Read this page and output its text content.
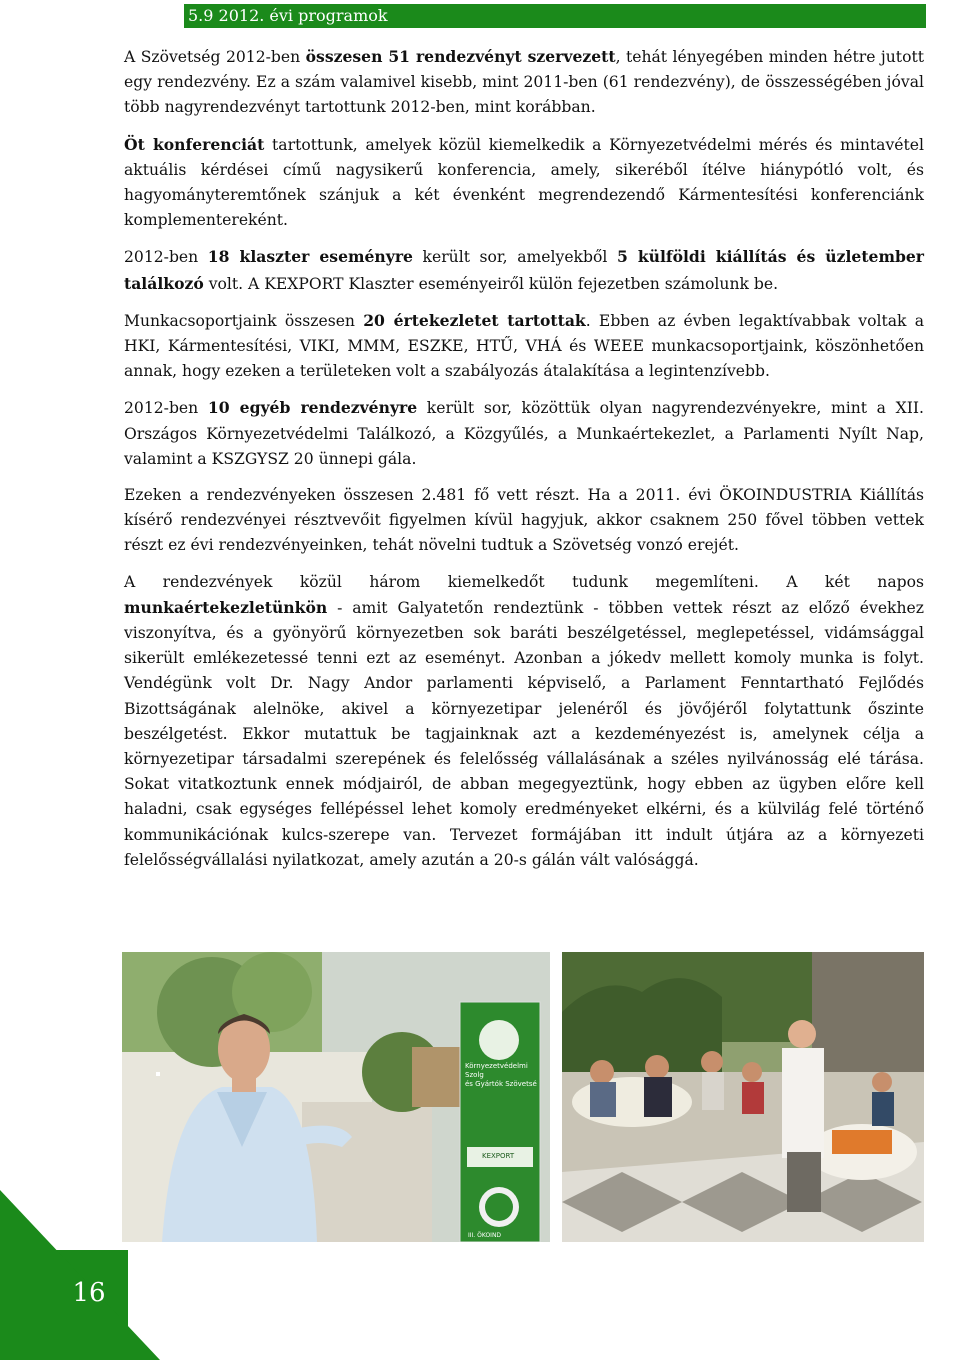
5.9 2012. évi programok

A Szövetség 2012-ben összesen 51 rendezvényt szervezett, tehát lényegében minden hétre jutott egy rendezvény. Ez a szám valamivel kisebb, mint 2011-ben (61 rendezvény), de összességében jóval több nagyrendezvényt tartottunk 2012-ben, mint korábban.

Öt konferenciát tartottunk, amelyek közül kiemelkedik a Környezetvédelmi mérés és mintavétel aktuális kérdései című nagysikerű konferencia, amely, sikeréből ítélve hiánypótló volt, és hagyományteremtőnek szánjuk a két évenként megrendezendő Kármentesítési konferenciánk komplementereként.

2012-ben 18 klaszter eseményre került sor, amelyekből 5 külföldi kiállítás és üzletember találkozó volt. A KEXPORT Klaszter eseményeiről külön fejezetben számolunk be.

Munkacsoportjaink összesen 20 értekezletet tartottak. Ebben az évben legaktívabbak voltak a HKI, Kármentesítési, VIKI, MMM, ESZKE, HTŰ, VHÁ és WEEE munkacsoportjaink, köszönhetően annak, hogy ezeken a területeken volt a szabályozás átalakítása a legintenzívebb.

2012-ben 10 egyéb rendezvényre került sor, közöttük olyan nagyrendezvényekre, mint a XII. Országos Környezetvédelmi Találkozó, a Közgyűlés, a Munkaértekezlet, a Parlamenti Nyílt Nap, valamint a KSZGYSZ 20 ünnepi gála.

Ezeken a rendezvényeken összesen 2.481 fő vett részt. Ha a 2011. évi ÖKOINDUSTRIA Kiállítás kísérő rendezvényei résztvevőit figyelmen kívül hagyjuk, akkor csaknem 250 fővel többen vettek részt ez évi rendezvényeinken, tehát növelni tudtuk a Szövetség vonzó erejét.

A rendezvények közül három kiemelkedőt tudunk megemlíteni. A két napos munkaértekezletünkön - amit Galyatetőn rendeztünk - többen vettek részt az előző évekhez viszonyítva, és a gyönyörű környezetben sok baráti beszélgetéssel, meglepetéssel, vidámsággal sikerült emlékezetessé tenni ezt az eseményt. Azonban a jókedv mellett komoly munka is folyt. Vendégünk volt Dr. Nagy Andor parlamenti képviselő, a Parlament Fenntartható Fejlődés Bizottságának alelnöke, akivel a környezetipar jelenéről és jövőjéről folytattunk őszinte beszélgetést. Ekkor mutattuk be tagjainknak azt a kezdeményezést is, amelynek célja a környezetipar társadalmi szerepének és felelősség vállalásának a széles nyilvánosság elé tárása. Sokat vitatkoztunk ennek módjairól, de abban megegyeztünk, hogy ebben az ügyben előre kell haladni, csak egységes fellépéssel lehet komoly eredményeket elkérni, és a külvilág felé történő kommunikációnak kulcs-szerepe van. Tervezet formájában itt indult útjára az a környezeti felelősségvállalási nyilatkozat, amely azután a 20-s gálán vált valósággá.

Környezetvédelmi Szolg
és Gyártók Szövetsé
KEXPORT
III. ÖKOIND
16
